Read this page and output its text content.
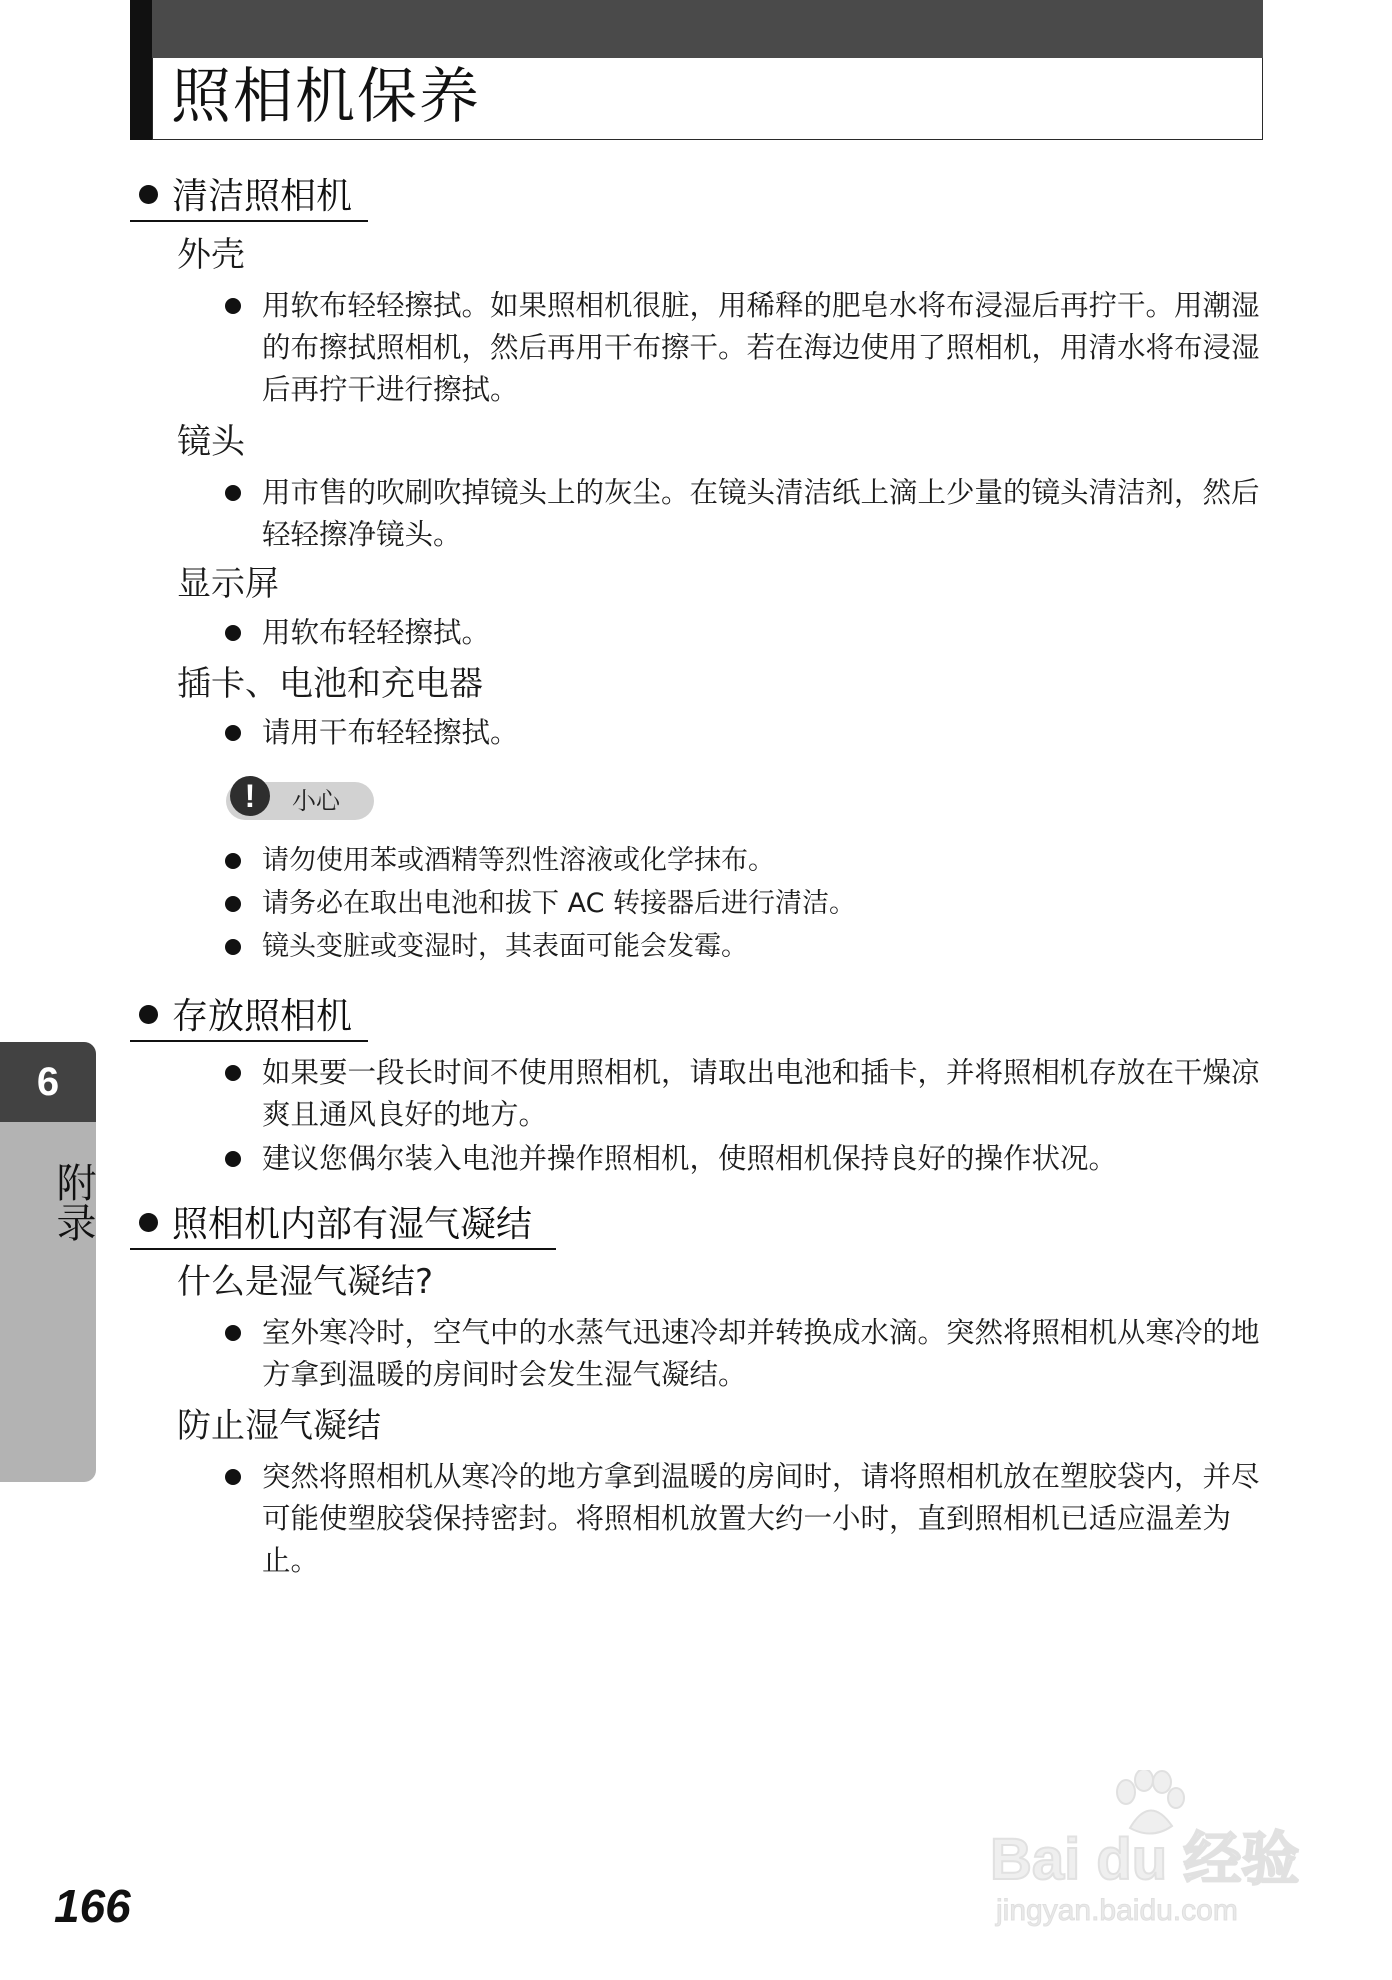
照相机保养
清洁照相机
外壳
用软布轻轻擦拭。如果照相机很脏，用稀释的肥皂水将布浸湿后再拧干。用潮湿的布擦拭照相机，然后再用干布擦干。若在海边使用了照相机，用清水将布浸湿后再拧干进行擦拭。
镜头
用市售的吹刷吹掉镜头上的灰尘。在镜头清洁纸上滴上少量的镜头清洁剂，然后轻轻擦净镜头。
显示屏
用软布轻轻擦拭。
插卡、电池和充电器
请用干布轻轻擦拭。
!	小心
请勿使用苯或酒精等烈性溶液或化学抹布。
请务必在取出电池和拔下 AC 转接器后进行清洁。
镜头变脏或变湿时，其表面可能会发霉。
存放照相机
如果要一段长时间不使用照相机，请取出电池和插卡，并将照相机存放在干燥凉爽且通风良好的地方。
建议您偶尔装入电池并操作照相机，使照相机保持良好的操作状况。
照相机内部有湿气凝结
什么是湿气凝结?
室外寒冷时，空气中的水蒸气迅速冷却并转换成水滴。突然将照相机从寒冷的地方拿到温暖的房间时会发生湿气凝结。
防止湿气凝结
突然将照相机从寒冷的地方拿到温暖的房间时，请将照相机放在塑胶袋内，并尽可能使塑胶袋保持密封。将照相机放置大约一小时，直到照相机已适应温差为止。
6
附录
166
Bai du 经验
jingyan.baidu.com
